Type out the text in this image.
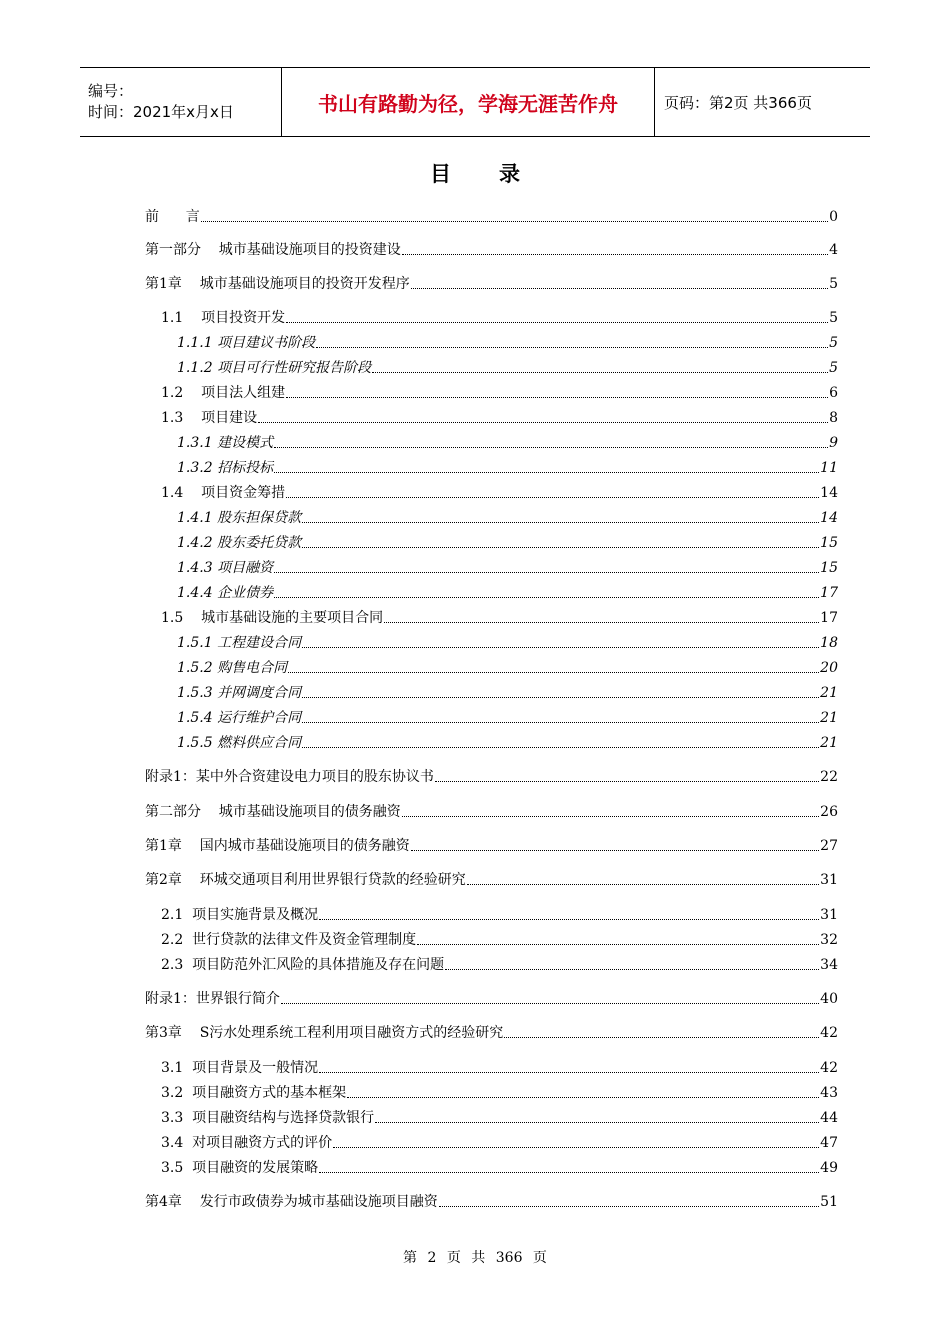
编号：
时间：2021年x月x日	书山有路勤为径，学海无涯苦作舟	页码：第2页 共366页
目录
前      言	0
第一部分    城市基础设施项目的投资建设	4
第1章    城市基础设施项目的投资开发程序	5
1.1    项目投资开发	5
1.1.1 项目建议书阶段	5
1.1.2 项目可行性研究报告阶段	5
1.2    项目法人组建	6
1.3    项目建设	8
1.3.1 建设模式	9
1.3.2 招标投标	11
1.4    项目资金筹措	14
1.4.1 股东担保贷款	14
1.4.2 股东委托贷款	15
1.4.3 项目融资	15
1.4.4 企业债券	17
1.5    城市基础设施的主要项目合同	17
1.5.1 工程建设合同	18
1.5.2 购售电合同	20
1.5.3 并网调度合同	21
1.5.4 运行维护合同	21
1.5.5 燃料供应合同	21
附录1：某中外合资建设电力项目的股东协议书	22
第二部分    城市基础设施项目的债务融资	26
第1章    国内城市基础设施项目的债务融资	27
第2章    环城交通项目利用世界银行贷款的经验研究	31
2.1  项目实施背景及概况	31
2.2  世行贷款的法律文件及资金管理制度	32
2.3  项目防范外汇风险的具体措施及存在问题	34
附录1：世界银行简介	40
第3章    S污水处理系统工程利用项目融资方式的经验研究	42
3.1  项目背景及一般情况	42
3.2  项目融资方式的基本框架	43
3.3  项目融资结构与选择贷款银行	44
3.4  对项目融资方式的评价	47
3.5  项目融资的发展策略	49
第4章    发行市政债券为城市基础设施项目融资	51
第 2 页 共 366 页
